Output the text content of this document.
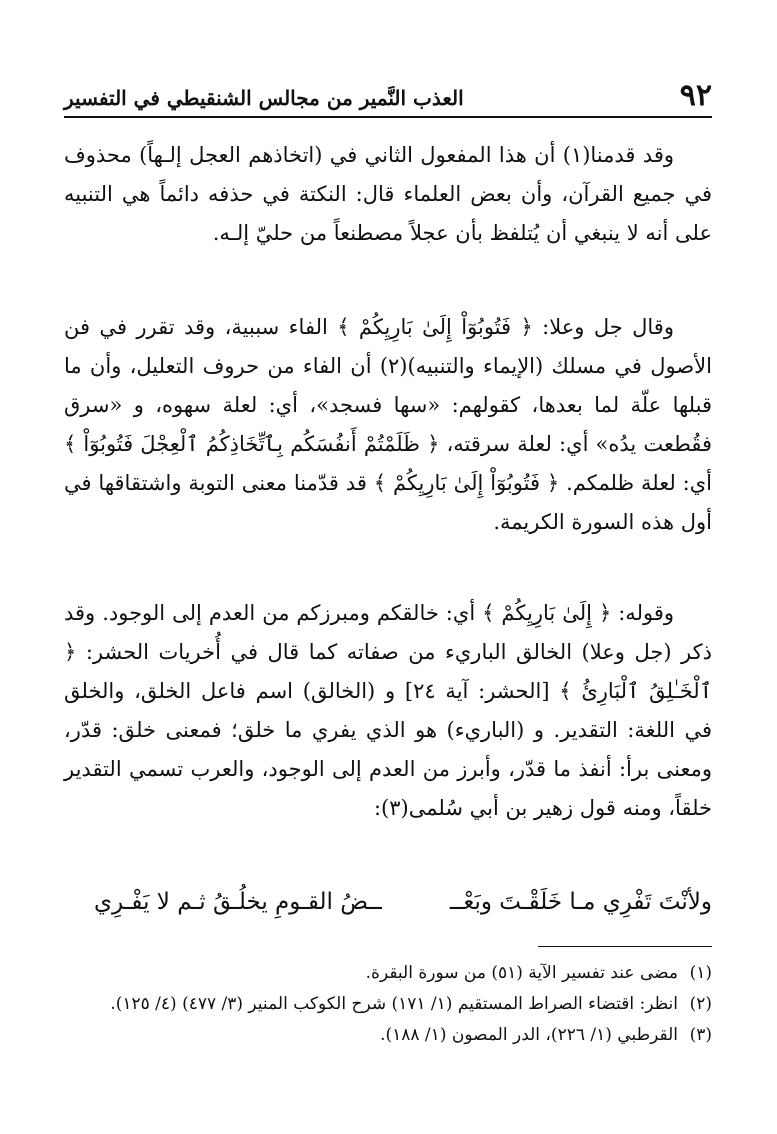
٩٢
العذب النَّمير من مجالس الشنقيطي في التفسير

وقد قدمنا(١) أن هذا المفعول الثاني في (اتخاذهم العجل إلـهاً) محذوف في جميع القرآن، وأن بعض العلماء قال: النكتة في حذفه دائماً هي التنبيه على أنه لا ينبغي أن يُتلفظ بأن عجلاً مصطنعاً من حليّ إلـه.

وقال جل وعلا: ﴿ فَتُوبُوٓاْ إِلَىٰ بَارِيِكُمْ ﴾ الفاء سببية، وقد تقرر في فن الأصول في مسلك (الإيماء والتنبيه)(٢) أن الفاء من حروف التعليل، وأن ما قبلها علّة لما بعدها، كقولهم: «سها فسجد»، أي: لعلة سهوه، و «سرق فقُطعت يدُه» أي: لعلة سرقته، ﴿ ظَلَمْتُمْ أَنفُسَكُم بِٱتِّخَاذِكُمُ ٱلْعِجْلَ فَتُوبُوٓاْ ﴾ أي: لعلة ظلمكم. ﴿ فَتُوبُوٓاْ إِلَىٰ بَارِيِكُمْ ﴾ قد قدّمنا معنى التوبة واشتقاقها في أول هذه السورة الكريمة.

وقوله: ﴿ إِلَىٰ بَارِيِكُمْ ﴾ أي: خالقكم ومبرزكم من العدم إلى الوجود. وقد ذكر (جل وعلا) الخالق الباريء من صفاته كما قال في أُخريات الحشر: ﴿ ٱلْخَـٰلِقُ ٱلْبَارِئُ ﴾ [الحشر: آية ٢٤] و (الخالق) اسم فاعل الخلق، والخلق في اللغة: التقدير. و (الباريء) هو الذي يفري ما خلق؛ فمعنى خلق: قدّر، ومعنى برأ: أنفذ ما قدّر، وأبرز من العدم إلى الوجود، والعرب تسمي التقدير خلقاً، ومنه قول زهير بن أبي سُلمى(٣):

ولأنْتَ تَفْرِي مـا خَلَقْـتَ وبَعْــ
ــضُ القـومِ يخلُـقُ ثـم لا يَفْـرِي
(١)
مضى عند تفسير الآية (٥١) من سورة البقرة.
(٢)
انظر: اقتضاء الصراط المستقيم (١/ ١٧١) شرح الكوكب المنير (٣/ ٤٧٧) (٤/ ١٢٥).
(٣)
القرطبي (١/ ٢٢٦)، الدر المصون (١/ ١٨٨).
